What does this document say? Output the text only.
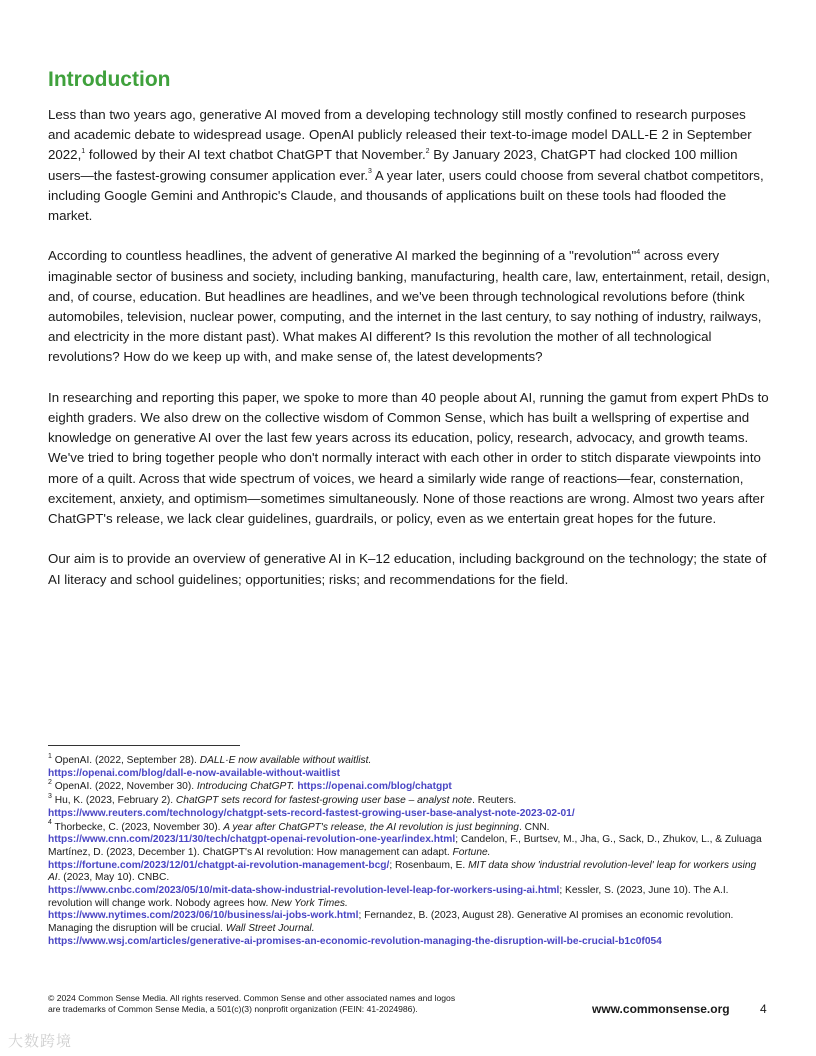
Introduction

Less than two years ago, generative AI moved from a developing technology still mostly confined to research purposes and academic debate to widespread usage. OpenAI publicly released their text-to-image model DALL-E 2 in September 2022,$^1$ followed by their AI text chatbot ChatGPT that November.$^2$ By January 2023, ChatGPT had clocked 100 million users—the fastest-growing consumer application ever.$^3$ A year later, users could choose from several chatbot competitors, including Google Gemini and Anthropic's Claude, and thousands of applications built on these tools had flooded the market.

According to countless headlines, the advent of generative AI marked the beginning of a "revolution"$^4$ across every imaginable sector of business and society, including banking, manufacturing, health care, law, entertainment, retail, design, and, of course, education. But headlines are headlines, and we've been through technological revolutions before (think automobiles, television, nuclear power, computing, and the internet in the last century, to say nothing of industry, railways, and electricity in the more distant past). What makes AI different? Is this revolution the mother of all technological revolutions? How do we keep up with, and make sense of, the latest developments?

In researching and reporting this paper, we spoke to more than 40 people about AI, running the gamut from expert PhDs to eighth graders. We also drew on the collective wisdom of Common Sense, which has built a wellspring of expertise and knowledge on generative AI over the last few years across its education, policy, research, advocacy, and growth teams. We've tried to bring together people who don't normally interact with each other in order to stitch disparate viewpoints into more of a quilt. Across that wide spectrum of voices, we heard a similarly wide range of reactions—fear, consternation, excitement, anxiety, and optimism—sometimes simultaneously. None of those reactions are wrong. Almost two years after ChatGPT's release, we lack clear guidelines, guardrails, or policy, even as we entertain great hopes for the future.

Our aim is to provide an overview of generative AI in K–12 education, including background on the technology; the state of AI literacy and school guidelines; opportunities; risks; and recommendations for the field.

$^1$ OpenAI. (2022, September 28). DALL·E now available without waitlist.
https://openai.com/blog/dall-e-now-available-without-waitlist

$^2$ OpenAI. (2022, November 30). Introducing ChatGPT. https://openai.com/blog/chatgpt

$^3$ Hu, K. (2023, February 2). ChatGPT sets record for fastest-growing user base – analyst note. Reuters.
https://www.reuters.com/technology/chatgpt-sets-record-fastest-growing-user-base-analyst-note-2023-02-01/

$^4$ Thorbecke, C. (2023, November 30). A year after ChatGPT's release, the AI revolution is just beginning. CNN.
https://www.cnn.com/2023/11/30/tech/chatgpt-openai-revolution-one-year/index.html; Candelon, F., Burtsev, M., Jha, G., Sack, D., Zhukov, L., & Zuluaga Martínez, D. (2023, December 1). ChatGPT's AI revolution: How management can adapt. Fortune.
https://fortune.com/2023/12/01/chatgpt-ai-revolution-management-bcg/; Rosenbaum, E. MIT data show 'industrial revolution-level' leap for workers using AI. (2023, May 10). CNBC.
https://www.cnbc.com/2023/05/10/mit-data-show-industrial-revolution-level-leap-for-workers-using-ai.html; Kessler, S. (2023, June 10). The A.I. revolution will change work. Nobody agrees how. New York Times.
https://www.nytimes.com/2023/06/10/business/ai-jobs-work.html; Fernandez, B. (2023, August 28). Generative AI promises an economic revolution. Managing the disruption will be crucial. Wall Street Journal.
https://www.wsj.com/articles/generative-ai-promises-an-economic-revolution-managing-the-disruption-will-be-crucial-b1c0f054

© 2024 Common Sense Media. All rights reserved. Common Sense and other associated names and logos
are trademarks of Common Sense Media, a 501(c)(3) nonprofit organization (FEIN: 41-2024986).	www.commonsense.org	4
大数跨境
